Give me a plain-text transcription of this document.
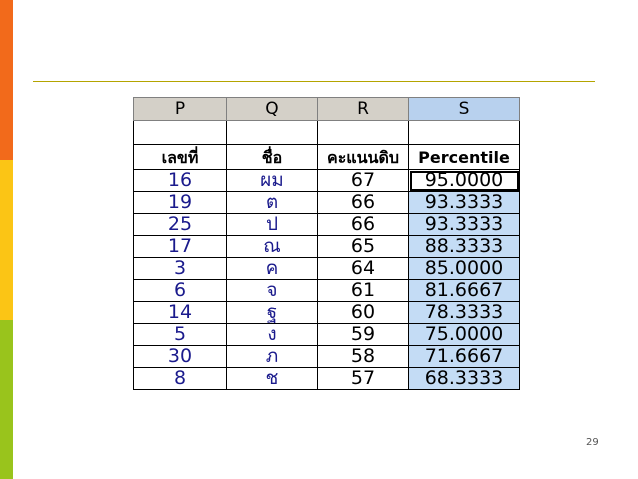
P	Q	R	S

เลขที่	ชื่อ	คะแนนดิบ	Percentile
16	ผม	67	95.0000
19	ต	66	93.3333
25	ป	66	93.3333
17	ณ	65	88.3333
3	ค	64	85.0000
6	จ	61	81.6667
14	ฐ	60	78.3333
5	ง	59	75.0000
30	ภ	58	71.6667
8	ช	57	68.3333
29
